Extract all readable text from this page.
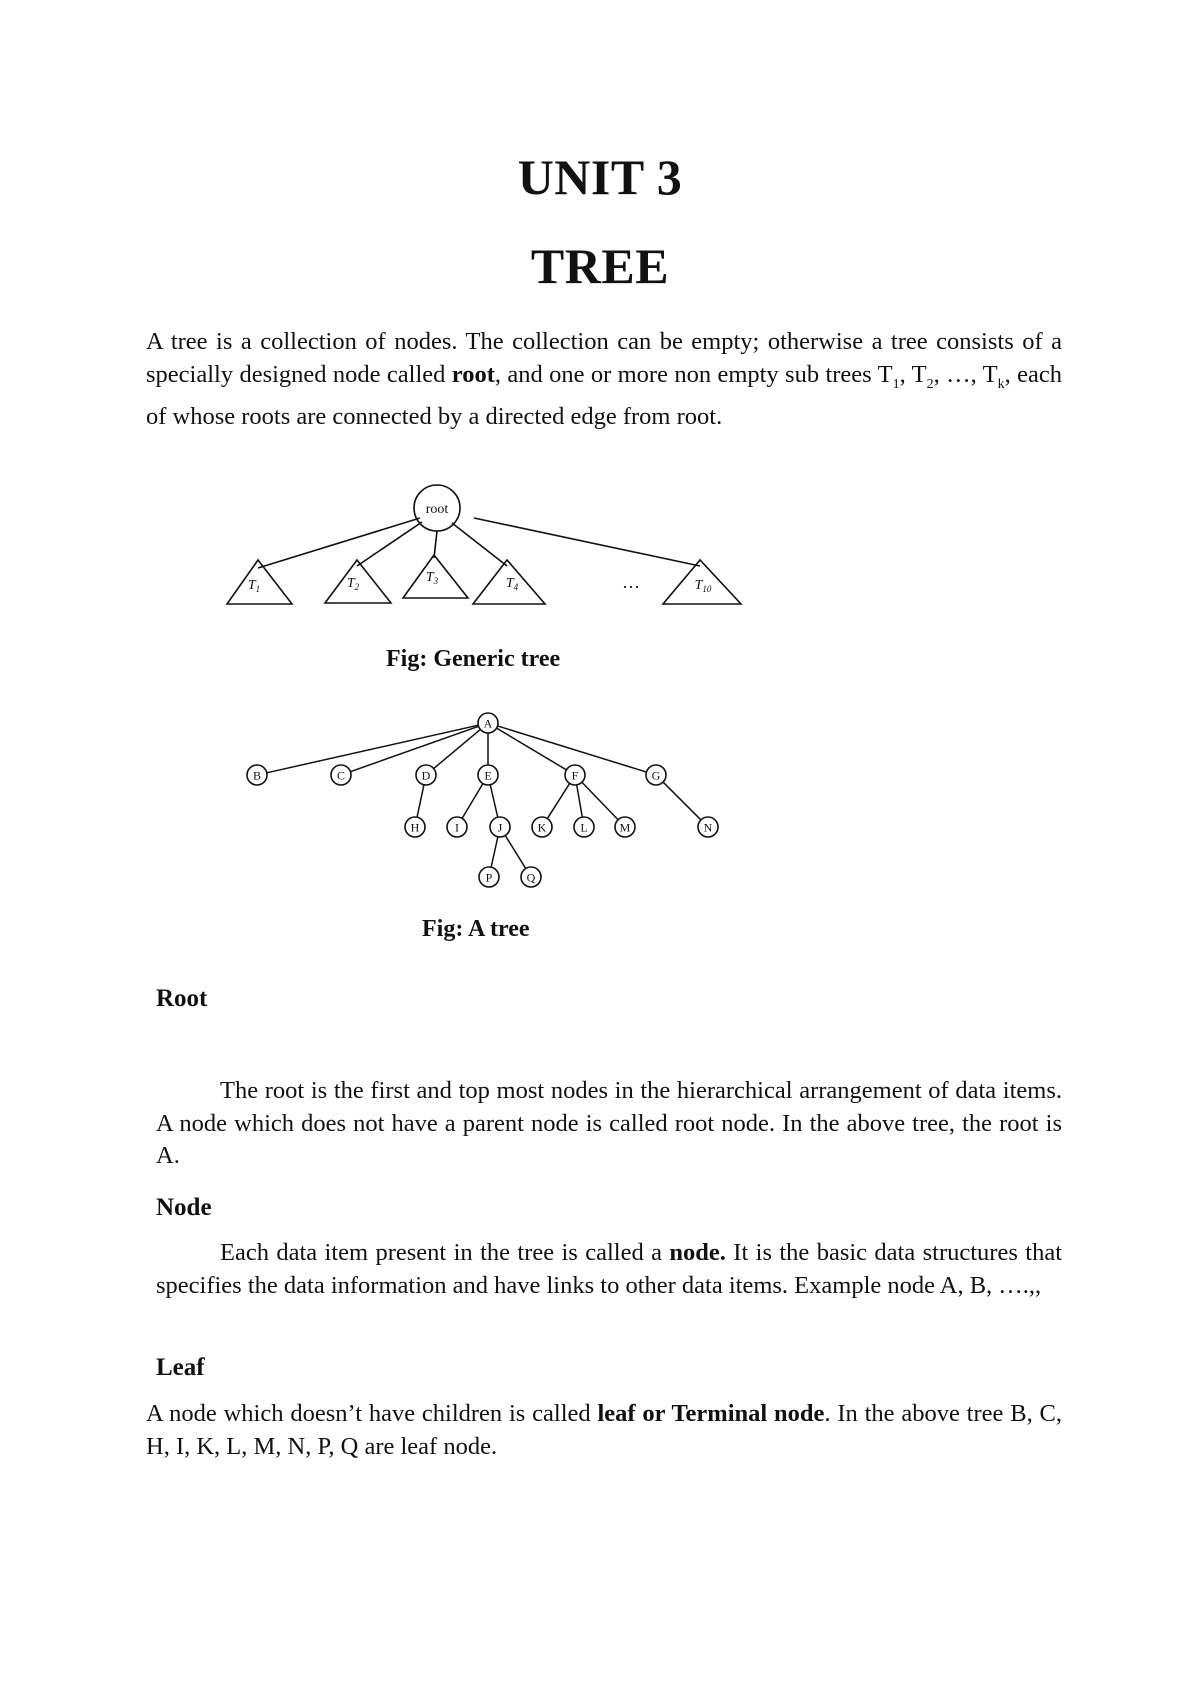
UNIT 3
TREE

A tree is a collection of nodes. The collection can be empty; otherwise a tree consists of a specially designed node called root, and one or more non empty sub trees $T_1$, $T_2$, …, $T_k$, each of whose roots are connected by a directed edge from root.

root
$T_1$	$T_2$
$T_3$	$T_4$	$T_{10}$
…

Fig: Generic tree

A
B	C	D	E	F	G
H	I	J	K	L	M	N
P	Q

Fig: A tree

Root

The root is the first and top most nodes in the hierarchical arrangement of data items. A node which does not have a parent node is called root node. In the above tree, the root is A.

Node

Each data item present in the tree is called a node. It is the basic data structures that specifies the data information and have links to other data items. Example node A, B, ….,,

Leaf

A node which doesn’t have children is called leaf or Terminal node. In the above tree B, C, H, I, K, L, M, N, P, Q are leaf node.
